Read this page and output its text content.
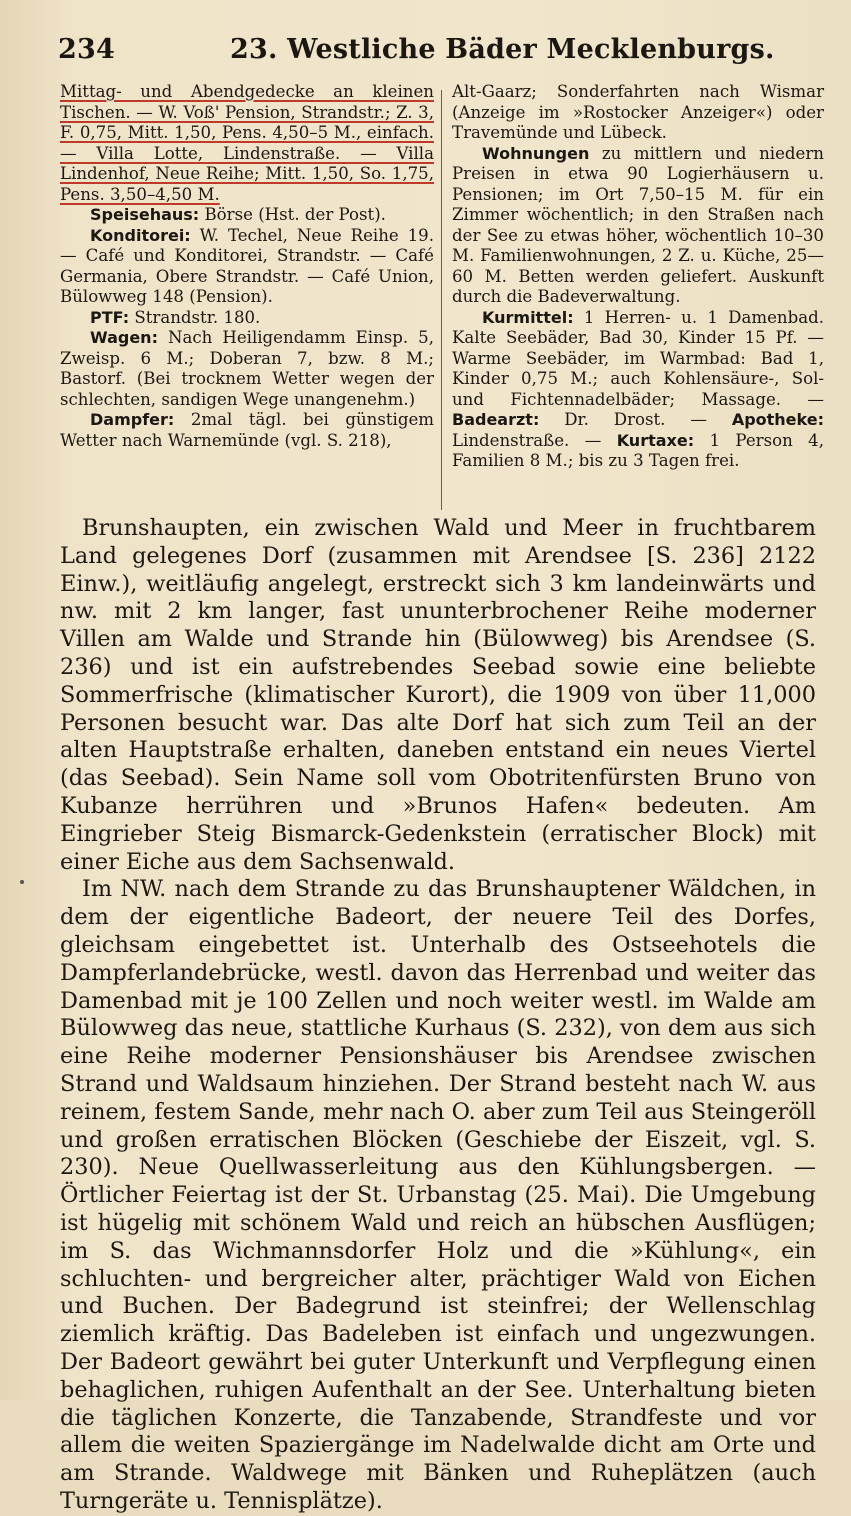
234	23. Westliche Bäder Mecklenburgs.

Mittag- und Abendgedecke an kleinen Tischen. — W. Voß' Pension, Strandstr.; Z. 3, F. 0,75, Mitt. 1,50, Pens. 4,50–5 M., einfach. — Villa Lotte, Lindenstraße. — Villa Lindenhof, Neue Reihe; Mitt. 1,50, So. 1,75, Pens. 3,50–4,50 M.

Speisehaus: Börse (Hst. der Post).

Konditorei: W. Techel, Neue Reihe 19. — Café und Konditorei, Strandstr. — Café Germania, Obere Strandstr. — Café Union, Bülowweg 148 (Pension).

PTF: Strandstr. 180.

Wagen: Nach Heiligendamm Einsp. 5, Zweisp. 6 M.; Doberan 7, bzw. 8 M.; Bastorf. (Bei trocknem Wetter wegen der schlechten, sandigen Wege unangenehm.)

Dampfer: 2mal tägl. bei günstigem Wetter nach Warnemünde (vgl. S. 218),

Alt-Gaarz; Sonderfahrten nach Wismar (Anzeige im »Rostocker Anzeiger«) oder Travemünde und Lübeck.

Wohnungen zu mittlern und niedern Preisen in etwa 90 Logierhäusern u. Pensionen; im Ort 7,50–15 M. für ein Zimmer wöchentlich; in den Straßen nach der See zu etwas höher, wöchentlich 10–30 M. Familienwohnungen, 2 Z. u. Küche, 25—60 M. Betten werden geliefert. Auskunft durch die Badeverwaltung.

Kurmittel: 1 Herren- u. 1 Damenbad. Kalte Seebäder, Bad 30, Kinder 15 Pf. — Warme Seebäder, im Warmbad: Bad 1, Kinder 0,75 M.; auch Kohlensäure-, Sol- und Fichtennadelbäder; Massage. — Badearzt: Dr. Drost. — Apotheke: Lindenstraße. — Kurtaxe: 1 Person 4, Familien 8 M.; bis zu 3 Tagen frei.

Brunshaupten, ein zwischen Wald und Meer in fruchtbarem Land gelegenes Dorf (zusammen mit Arendsee [S. 236] 2122 Einw.), weitläufig angelegt, erstreckt sich 3 km landeinwärts und nw. mit 2 km langer, fast ununterbrochener Reihe moderner Villen am Walde und Strande hin (Bülowweg) bis Arendsee (S. 236) und ist ein aufstrebendes Seebad sowie eine beliebte Sommerfrische (klimatischer Kurort), die 1909 von über 11,000 Personen besucht war. Das alte Dorf hat sich zum Teil an der alten Hauptstraße erhalten, daneben entstand ein neues Viertel (das Seebad). Sein Name soll vom Obotritenfürsten Bruno von Kubanze herrühren und »Brunos Hafen« bedeuten. Am Eingrieber Steig Bismarck-Gedenkstein (erratischer Block) mit einer Eiche aus dem Sachsenwald.

Im NW. nach dem Strande zu das Brunshauptener Wäldchen, in dem der eigentliche Badeort, der neuere Teil des Dorfes, gleichsam eingebettet ist. Unterhalb des Ostseehotels die Dampferlandebrücke, westl. davon das Herrenbad und weiter das Damenbad mit je 100 Zellen und noch weiter westl. im Walde am Bülowweg das neue, stattliche Kurhaus (S. 232), von dem aus sich eine Reihe moderner Pensionshäuser bis Arendsee zwischen Strand und Waldsaum hinziehen. Der Strand besteht nach W. aus reinem, festem Sande, mehr nach O. aber zum Teil aus Steingeröll und großen erratischen Blöcken (Geschiebe der Eiszeit, vgl. S. 230). Neue Quellwasserleitung aus den Kühlungsbergen. — Örtlicher Feiertag ist der St. Urbanstag (25. Mai). Die Umgebung ist hügelig mit schönem Wald und reich an hübschen Ausflügen; im S. das Wichmannsdorfer Holz und die »Kühlung«, ein schluchten- und bergreicher alter, prächtiger Wald von Eichen und Buchen. Der Badegrund ist steinfrei; der Wellenschlag ziemlich kräftig. Das Badeleben ist einfach und ungezwungen. Der Badeort gewährt bei guter Unterkunft und Verpflegung einen behaglichen, ruhigen Aufenthalt an der See. Unterhaltung bieten die täglichen Konzerte, die Tanzabende, Strandfeste und vor allem die weiten Spaziergänge im Nadelwalde dicht am Orte und am Strande. Waldwege mit Bänken und Ruheplätzen (auch Turngeräte u. Tennisplätze).
